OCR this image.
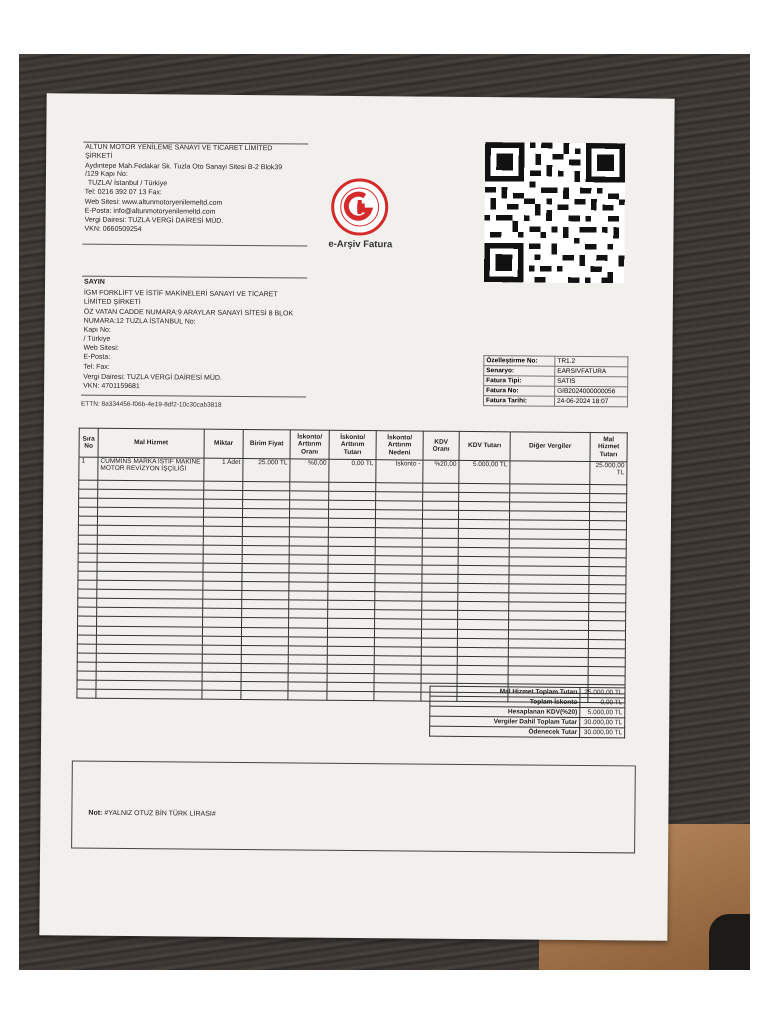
ALTUN MOTOR YENİLEME SANAYİ VE TİCARET LİMİTED
ŞİRKETİ
Aydıntepe Mah.Fedakar Sk. Tuzla Oto Sanayi Sitesi B-2 Blok39
/129 Kapı No:
TUZLA/ İstanbul / Türkiye
Tel: 0216 392 07 13 Fax:
Web Sitesi: www.altunmotoryenilemeltd.com
E-Posta: info@altunmotoryenilemeltd.com
Vergi Dairesi: TUZLA VERGİ DAİRESİ MÜD.
VKN: 0660509254
e-Arşiv Fatura
SAYIN
İGM FORKLİFT VE İSTİF MAKİNELERİ SANAYİ VE TİCARET
LİMİTED ŞİRKETİ
ÖZ VATAN CADDE NUMARA:9 ARAYLAR SANAYİ SİTESİ 8 BLOK
NUMARA:12 TUZLA İSTANBUL No:
Kapı No:
/ Türkiye
Web Sitesi:
E-Posta:
Tel: Fax:
Vergi Dairesi: TUZLA VERGİ DAİRESİ MÜD.
VKN: 4701159681
Özelleştirme No:	TR1.2
Senaryo:	EARSIVFATURA
Fatura Tipi:	SATIS
Fatura No:	GIB2024000000056
Fatura Tarihi:	24-06-2024 18:07
ETTN: 8a334456-f06b-4e19-8df2-10c30cab3818
Sıra No	Mal Hizmet	Miktar	Birim Fiyat	İskonto/ Arttırım Oranı	İskonto/ Arttırım Tutarı	İskonto/ Arttırım Nedeni	KDV Oranı	KDV Tutarı	Diğer Vergiler	Mal Hizmet Tutarı
1	CUMMINS MARKA İSTİF MAKİNE MOTOR REVİZYON İŞÇİLİĞİ	1 Adet	25.000 TL	%0,00	0,00 TL	İskonto -	%20,00	5.000,00 TL		25.000,00 TL

Mal Hizmet Toplam Tutarı	25.000,00 TL
Toplam İskonto	0,00 TL
Hesaplanan KDV(%20)	5.000,00 TL
Vergiler Dahil Toplam Tutar	30.000,00 TL
Ödenecek Tutar	30.000,00 TL
Not: #YALNIZ OTUZ BİN TÜRK LİRASI#
